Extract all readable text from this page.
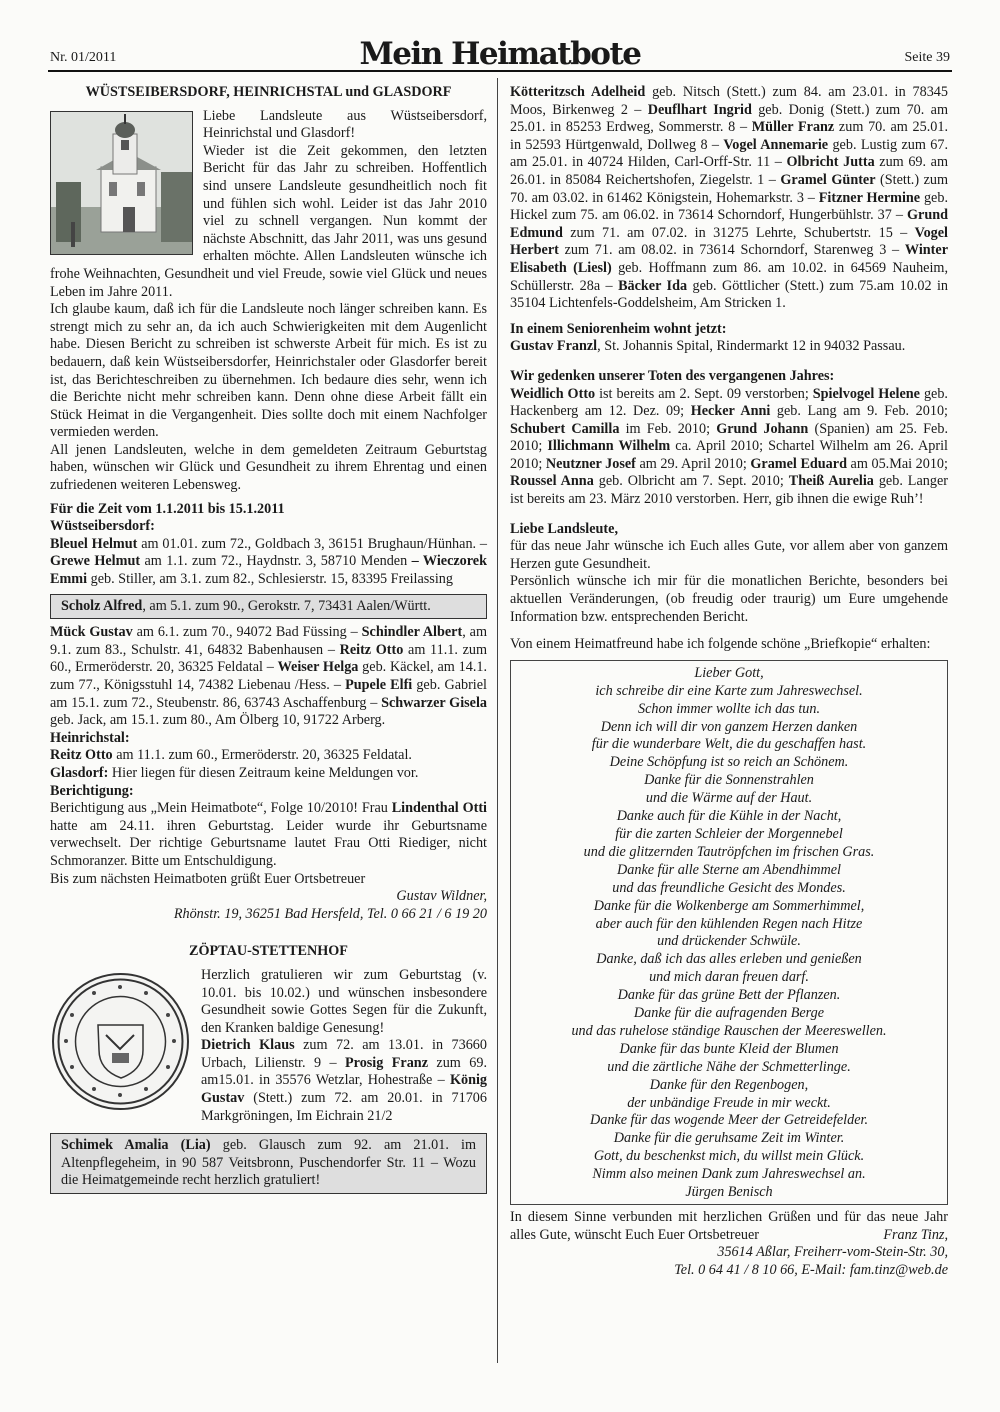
Nr. 01/2011	Mein Heimatbote	Seite 39
WÜSTSEIBERSDORF, HEINRICHSTAL und GLASDORF

Liebe Landsleute aus Wüstseibersdorf, Heinrichstal und Glasdorf!

Wieder ist die Zeit gekommen, den letzten Bericht für das Jahr zu schreiben. Hoffentlich sind unsere Landsleute gesundheitlich noch fit und fühlen sich wohl. Leider ist das Jahr 2010 viel zu schnell vergangen. Nun kommt der nächste Abschnitt, das Jahr 2011, was uns gesund erhalten möchte. Allen Landsleuten wünsche ich frohe Weihnachten, Gesundheit und viel Freude, sowie viel Glück und neues Leben im Jahre 2011.

Ich glaube kaum, daß ich für die Landsleute noch länger schreiben kann. Es strengt mich zu sehr an, da ich auch Schwierigkeiten mit dem Augenlicht habe. Diesen Bericht zu schreiben ist schwerste Arbeit für mich. Es ist zu bedauern, daß kein Wüstseibersdorfer, Heinrichstaler oder Glasdorfer bereit ist, das Berichteschreiben zu übernehmen. Ich bedaure dies sehr, wenn ich die Berichte nicht mehr schreiben kann. Denn ohne diese Arbeit fällt ein Stück Heimat in die Vergangenheit. Dies sollte doch mit einem Nachfolger vermieden werden.

All jenen Landsleuten, welche in dem gemeldeten Zeitraum Geburtstag haben, wünschen wir Glück und Gesundheit zu ihrem Ehrentag und einen zufriedenen weiteren Lebensweg.

Für die Zeit vom 1.1.2011 bis 15.1.2011

Wüstseibersdorf:

Bleuel Helmut am 01.01. zum 72., Goldbach 3, 36151 Brughaun/Hünhan. – Grewe Helmut am 1.1. zum 72., Haydnstr. 3, 58710 Menden – Wieczorek Emmi geb. Stiller, am 3.1. zum 82., Schlesierstr. 15, 83395 Freilassing

Scholz Alfred, am 5.1. zum 90., Gerokstr. 7, 73431 Aalen/Württ.

Mück Gustav am 6.1. zum 70., 94072 Bad Füssing – Schindler Albert, am 9.1. zum 83., Schulstr. 41, 64832 Babenhausen – Reitz Otto am 11.1. zum 60., Ermeröderstr. 20, 36325 Feldatal – Weiser Helga geb. Käckel, am 14.1. zum 77., Königsstuhl 14, 74382 Liebenau /Hess. – Pupele Elfi geb. Gabriel am 15.1. zum 72., Steubenstr. 86, 63743 Aschaffenburg – Schwarzer Gisela geb. Jack, am 15.1. zum 80., Am Ölberg 10, 91722 Arberg.

Heinrichstal:

Reitz Otto am 11.1. zum 60., Ermeröderstr. 20, 36325 Feldatal.

Glasdorf: Hier liegen für diesen Zeitraum keine Meldungen vor.

Berichtigung:

Berichtigung aus „Mein Heimatbote“, Folge 10/2010! Frau Lindenthal Otti hatte am 24.11. ihren Geburtstag. Leider wurde ihr Geburtsname verwechselt. Der richtige Geburtsname lautet Frau Otti Riediger, nicht Schmoranzer. Bitte um Entschuldigung.

Bis zum nächsten Heimatboten grüßt Euer Ortsbetreuer

Gustav Wildner,

Rhönstr. 19, 36251 Bad Hersfeld, Tel. 0 66 21 / 6 19 20

ZÖPTAU-STETTENHOF

Herzlich gratulieren wir zum Geburtstag (v. 10.01. bis 10.02.) und wünschen insbesondere Gesundheit sowie Gottes Segen für die Zukunft, den Kranken baldige Genesung!

Dietrich Klaus zum 72. am 13.01. in 73660 Urbach, Lilienstr. 9 – Prosig Franz zum 69. am15.01. in 35576 Wetzlar, Hohestraße – König Gustav (Stett.) zum 72. am 20.01. in 71706 Markgröningen, Im Eichrain 21/2

Schimek Amalia (Lia) geb. Glausch zum 92. am 21.01. im Altenpflegeheim, in 90 587 Veitsbronn, Puschendorfer Str. 11 – Wozu die Heimatgemeinde recht herzlich gratuliert!

Kötteritzsch Adelheid geb. Nitsch (Stett.) zum 84. am 23.01. in 78345 Moos, Birkenweg 2 – Deuflhart Ingrid geb. Donig (Stett.) zum 70. am 25.01. in 85253 Erdweg, Sommerstr. 8 – Müller Franz zum 70. am 25.01. in 52593 Hürtgenwald, Dollweg 8 – Vogel Annemarie geb. Lustig zum 67. am 25.01. in 40724 Hilden, Carl-Orff-Str. 11 – Olbricht Jutta zum 69. am 26.01. in 85084 Reichertshofen, Ziegelstr. 1 – Gramel Günter (Stett.) zum 70. am 03.02. in 61462 Königstein, Hohemarkstr. 3 – Fitzner Hermine geb. Hickel zum 75. am 06.02. in 73614 Schorndorf, Hungerbühlstr. 37 – Grund Edmund zum 71. am 07.02. in 31275 Lehrte, Schubertstr. 15 – Vogel Herbert zum 71. am 08.02. in 73614 Schorndorf, Starenweg 3 – Winter Elisabeth (Liesl) geb. Hoffmann zum 86. am 10.02. in 64569 Nauheim, Schüllerstr. 28a – Bäcker Ida geb. Göttlicher (Stett.) zum 75.am 10.02 in 35104 Lichtenfels-Goddelsheim, Am Stricken 1.

In einem Seniorenheim wohnt jetzt:

Gustav Franzl, St. Johannis Spital, Rindermarkt 12 in 94032 Passau.

Wir gedenken unserer Toten des vergangenen Jahres:

Weidlich Otto ist bereits am 2. Sept. 09 verstorben; Spielvogel Helene geb. Hackenberg am 12. Dez. 09; Hecker Anni geb. Lang am 9. Feb. 2010; Schubert Camilla im Feb. 2010; Grund Johann (Spanien) am 25. Feb. 2010; Illichmann Wilhelm ca. April 2010; Schartel Wilhelm am 26. April 2010; Neutzner Josef am 29. April 2010; Gramel Eduard am 05.Mai 2010; Roussel Anna geb. Olbricht am 7. Sept. 2010; Theiß Aurelia geb. Langer ist bereits am 23. März 2010 verstorben. Herr, gib ihnen die ewige Ruh’!

Liebe Landsleute,

für das neue Jahr wünsche ich Euch alles Gute, vor allem aber von ganzem Herzen gute Gesundheit.

Persönlich wünsche ich mir für die monatlichen Berichte, besonders bei aktuellen Veränderungen, (ob freudig oder traurig) um Eure umgehende Information bzw. entsprechenden Bericht.

Von einem Heimatfreund habe ich folgende schöne „Briefkopie“ erhalten:

Lieber Gott,
ich schreibe dir eine Karte zum Jahreswechsel.
Schon immer wollte ich das tun.
Denn ich will dir von ganzem Herzen danken
für die wunderbare Welt, die du geschaffen hast.
Deine Schöpfung ist so reich an Schönem.
Danke für die Sonnenstrahlen
und die Wärme auf der Haut.
Danke auch für die Kühle in der Nacht,
für die zarten Schleier der Morgennebel
und die glitzernden Tautröpfchen im frischen Gras.
Danke für alle Sterne am Abendhimmel
und das freundliche Gesicht des Mondes.
Danke für die Wolkenberge am Sommerhimmel,
aber auch für den kühlenden Regen nach Hitze
und drückender Schwüle.
Danke, daß ich das alles erleben und genießen
und mich daran freuen darf.
Danke für das grüne Bett der Pflanzen.
Danke für die aufragenden Berge
und das ruhelose ständige Rauschen der Meereswellen.
Danke für das bunte Kleid der Blumen
und die zärtliche Nähe der Schmetterlinge.
Danke für den Regenbogen,
der unbändige Freude in mir weckt.
Danke für das wogende Meer der Getreidefelder.
Danke für die geruhsame Zeit im Winter.
Gott, du beschenkst mich, du willst mein Glück.
Nimm also meinen Dank zum Jahreswechsel an.
Jürgen Benisch

In diesem Sinne verbunden mit herzlichen Grüßen und für das neue Jahr alles Gute, wünscht Euch Euer Ortsbetreuer	Franz Tinz,

35614 Aßlar, Freiherr-vom-Stein-Str. 30,

Tel. 0 64 41 / 8 10 66, E-Mail: fam.tinz@web.de
